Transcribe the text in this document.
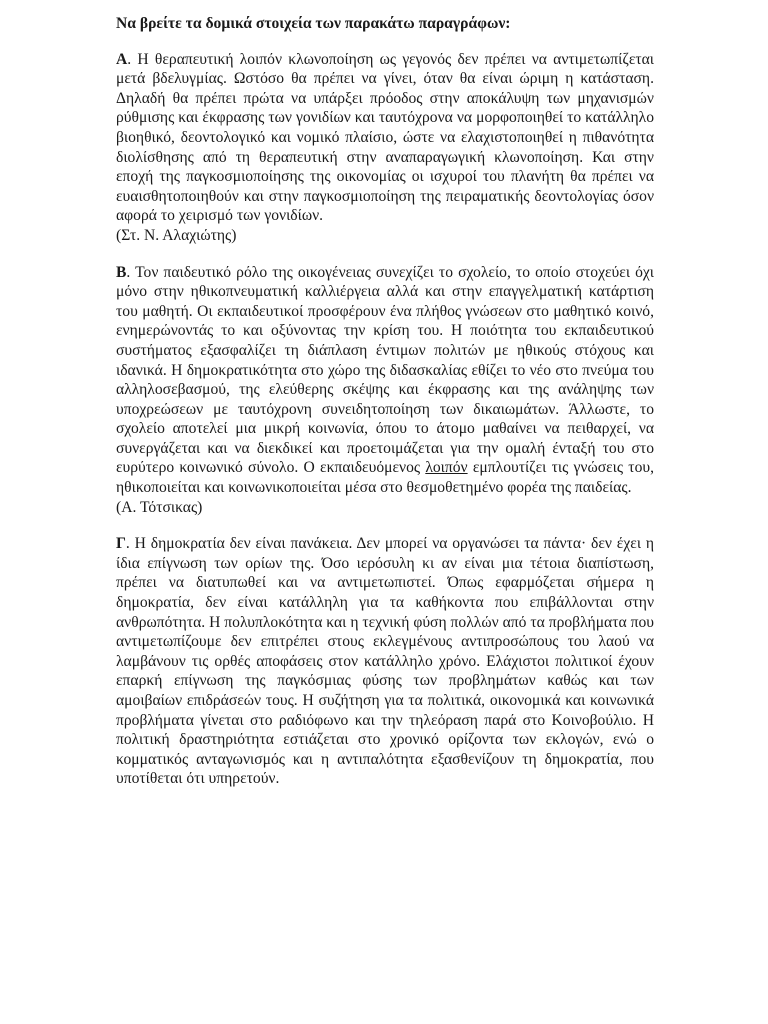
Να βρείτε τα δομικά στοιχεία των παρακάτω παραγράφων:

Α. Η θεραπευτική λοιπόν κλωνοποίηση ως γεγονός δεν πρέπει να αντιμετωπίζεται μετά βδελυγμίας. Ωστόσο θα πρέπει να γίνει, όταν θα είναι ώριμη η κατάσταση. Δηλαδή θα πρέπει πρώτα να υπάρξει πρόοδος στην αποκάλυψη των μηχανισμών ρύθμισης και έκφρασης των γονιδίων και ταυτόχρονα να μορφοποιηθεί το κατάλληλο βιοηθικό, δεοντολογικό και νομικό πλαίσιο, ώστε να ελαχιστοποιηθεί η πιθανότητα διολίσθησης από τη θεραπευτική στην αναπαραγωγική κλωνοποίηση. Και στην εποχή της παγκοσμιοποίησης της οικονομίας οι ισχυροί του πλανήτη θα πρέπει να ευαισθητοποιηθούν και στην παγκοσμιοποίηση της πειραματικής δεοντολογίας όσον αφορά το χειρισμό των γονιδίων.

(Στ. Ν. Αλαχιώτης)

Β. Τον παιδευτικό ρόλο της οικογένειας συνεχίζει το σχολείο, το οποίο στοχεύει όχι μόνο στην ηθικοπνευματική καλλιέργεια αλλά και στην επαγγελματική κατάρτιση του μαθητή. Οι εκπαιδευτικοί προσφέρουν ένα πλήθος γνώσεων στο μαθητικό κοινό, ενημερώνοντάς το και οξύνοντας την κρίση του. Η ποιότητα του εκπαιδευτικού συστήματος εξασφαλίζει τη διάπλαση έντιμων πολιτών με ηθικούς στόχους και ιδανικά. Η δημοκρατικότητα στο χώρο της διδασκαλίας εθίζει το νέο στο πνεύμα του αλληλοσεβασμού, της ελεύθερης σκέψης και έκφρασης και της ανάληψης των υποχρεώσεων με ταυτόχρονη συνειδητοποίηση των δικαιωμάτων. Άλλωστε, το σχολείο αποτελεί μια μικρή κοινωνία, όπου το άτομο μαθαίνει να πειθαρχεί, να συνεργάζεται και να διεκδικεί και προετοιμάζεται για την ομαλή ένταξή του στο ευρύτερο κοινωνικό σύνολο. Ο εκπαιδευόμενος λοιπόν εμπλουτίζει τις γνώσεις του, ηθικοποιείται και κοινωνικοποιείται μέσα στο θεσμοθετημένο φορέα της παιδείας.

(Α. Τότσικας)

Γ. Η δημοκρατία δεν είναι πανάκεια. Δεν μπορεί να οργανώσει τα πάντα· δεν έχει η ίδια επίγνωση των ορίων της. Όσο ιερόσυλη κι αν είναι μια τέτοια διαπίστωση, πρέπει να διατυπωθεί και να αντιμετωπιστεί. Όπως εφαρμόζεται σήμερα η δημοκρατία, δεν είναι κατάλληλη για τα καθήκοντα που επιβάλλονται στην ανθρωπότητα. Η πολυπλοκότητα και η τεχνική φύση πολλών από τα προβλήματα που αντιμετωπίζουμε δεν επιτρέπει στους εκλεγμένους αντιπροσώπους του λαού να λαμβάνουν τις ορθές αποφάσεις στον κατάλληλο χρόνο. Ελάχιστοι πολιτικοί έχουν επαρκή επίγνωση της παγκόσμιας φύσης των προβλημάτων καθώς και των αμοιβαίων επιδράσεών τους. Η συζήτηση για τα πολιτικά, οικονομικά και κοινωνικά προβλήματα γίνεται στο ραδιόφωνο και την τηλεόραση παρά στο Κοινοβούλιο. Η πολιτική δραστηριότητα εστιάζεται στο χρονικό ορίζοντα των εκλογών, ενώ ο κομματικός ανταγωνισμός και η αντιπαλότητα εξασθενίζουν τη δημοκρατία, που υποτίθεται ότι υπηρετούν.
